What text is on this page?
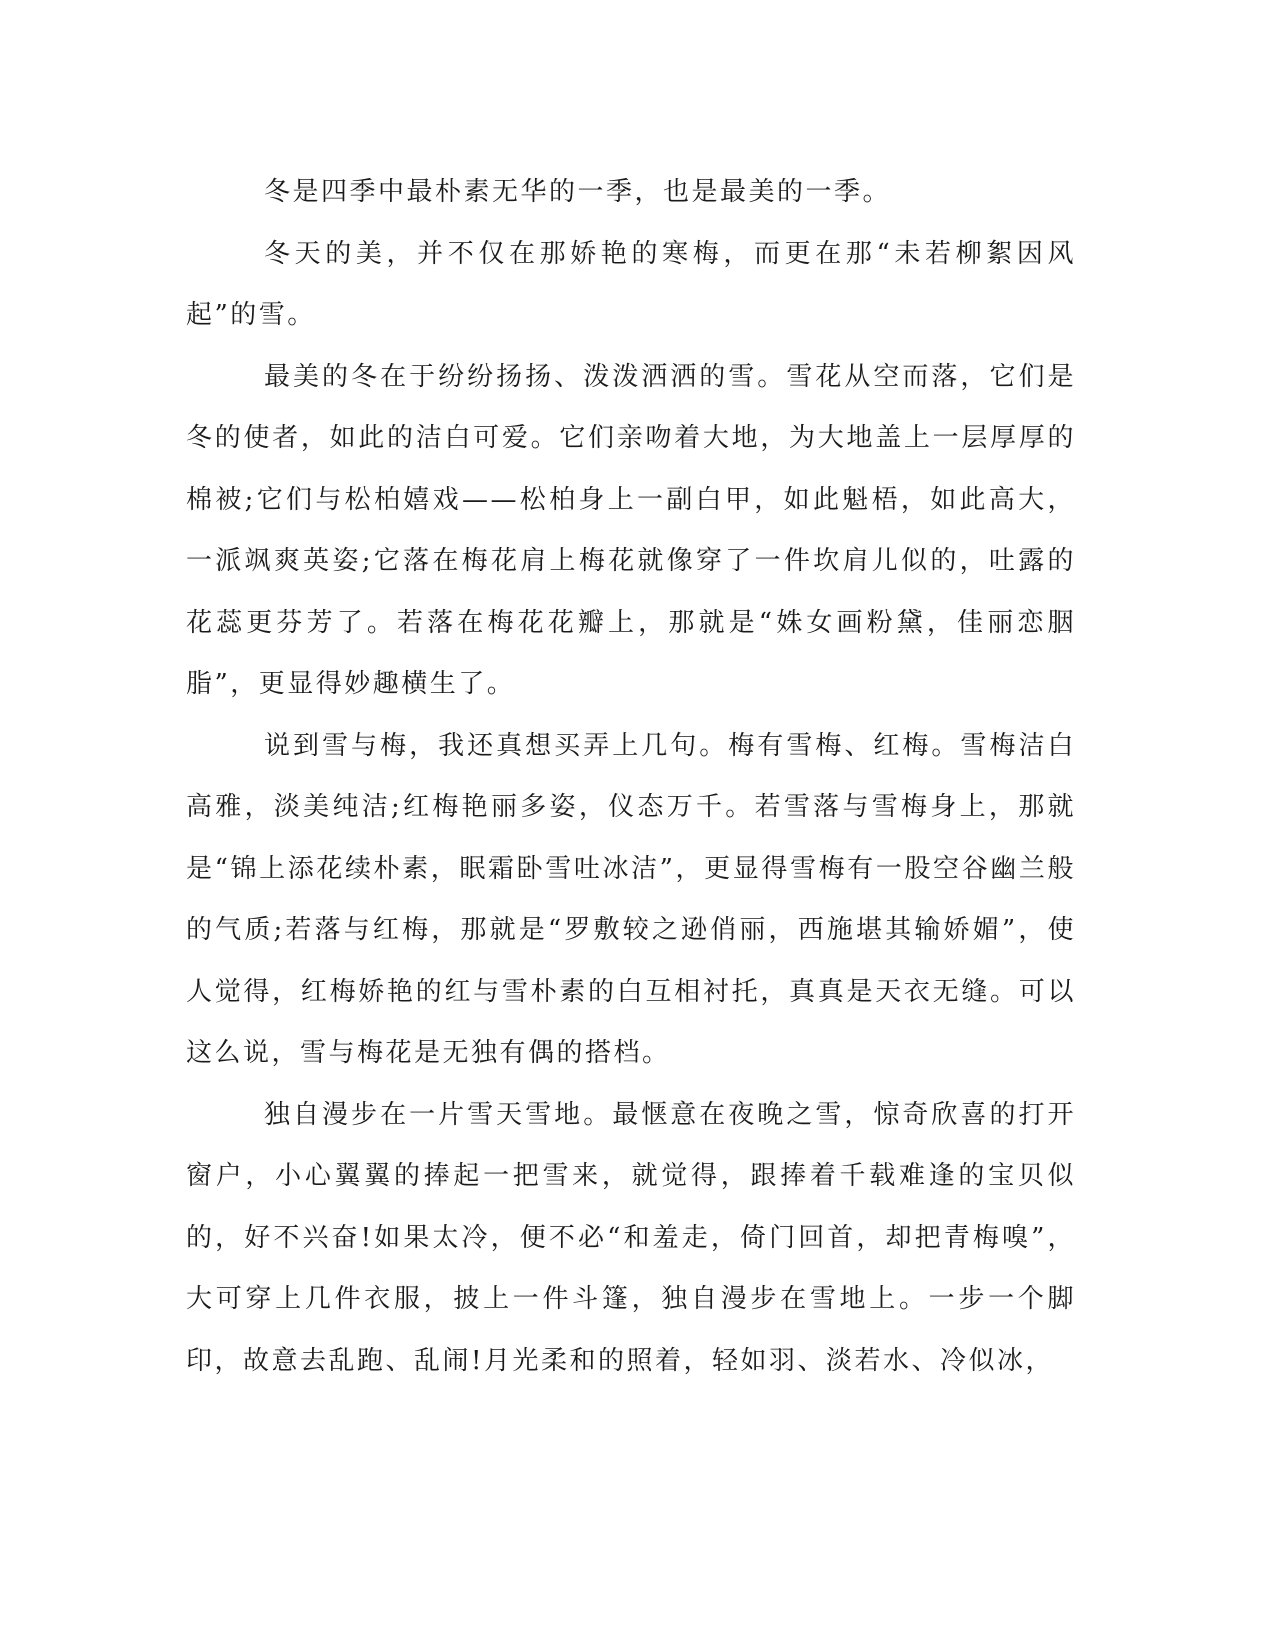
冬是四季中最朴素无华的一季，也是最美的一季。

冬天的美，并不仅在那娇艳的寒梅，而更在那“未若柳絮因风起”的雪。

最美的冬在于纷纷扬扬、泼泼洒洒的雪。雪花从空而落，它们是冬的使者，如此的洁白可爱。它们亲吻着大地，为大地盖上一层厚厚的棉被;它们与松柏嬉戏——松柏身上一副白甲，如此魁梧，如此高大，一派飒爽英姿;它落在梅花肩上梅花就像穿了一件坎肩儿似的，吐露的花蕊更芬芳了。若落在梅花花瓣上，那就是“姝女画粉黛，佳丽恋胭脂”，更显得妙趣横生了。

说到雪与梅，我还真想买弄上几句。梅有雪梅、红梅。雪梅洁白高雅，淡美纯洁;红梅艳丽多姿，仪态万千。若雪落与雪梅身上，那就是“锦上添花续朴素，眠霜卧雪吐冰洁”，更显得雪梅有一股空谷幽兰般的气质;若落与红梅，那就是“罗敷较之逊俏丽，西施堪其输娇媚”，使人觉得，红梅娇艳的红与雪朴素的白互相衬托，真真是天衣无缝。可以这么说，雪与梅花是无独有偶的搭档。

独自漫步在一片雪天雪地。最惬意在夜晚之雪，惊奇欣喜的打开窗户，小心翼翼的捧起一把雪来，就觉得，跟捧着千载难逢的宝贝似的，好不兴奋!如果太冷，便不必“和羞走，倚门回首，却把青梅嗅”，大可穿上几件衣服，披上一件斗篷，独自漫步在雪地上。一步一个脚印，故意去乱跑、乱闹!月光柔和的照着，轻如羽、淡若水、冷似冰，
